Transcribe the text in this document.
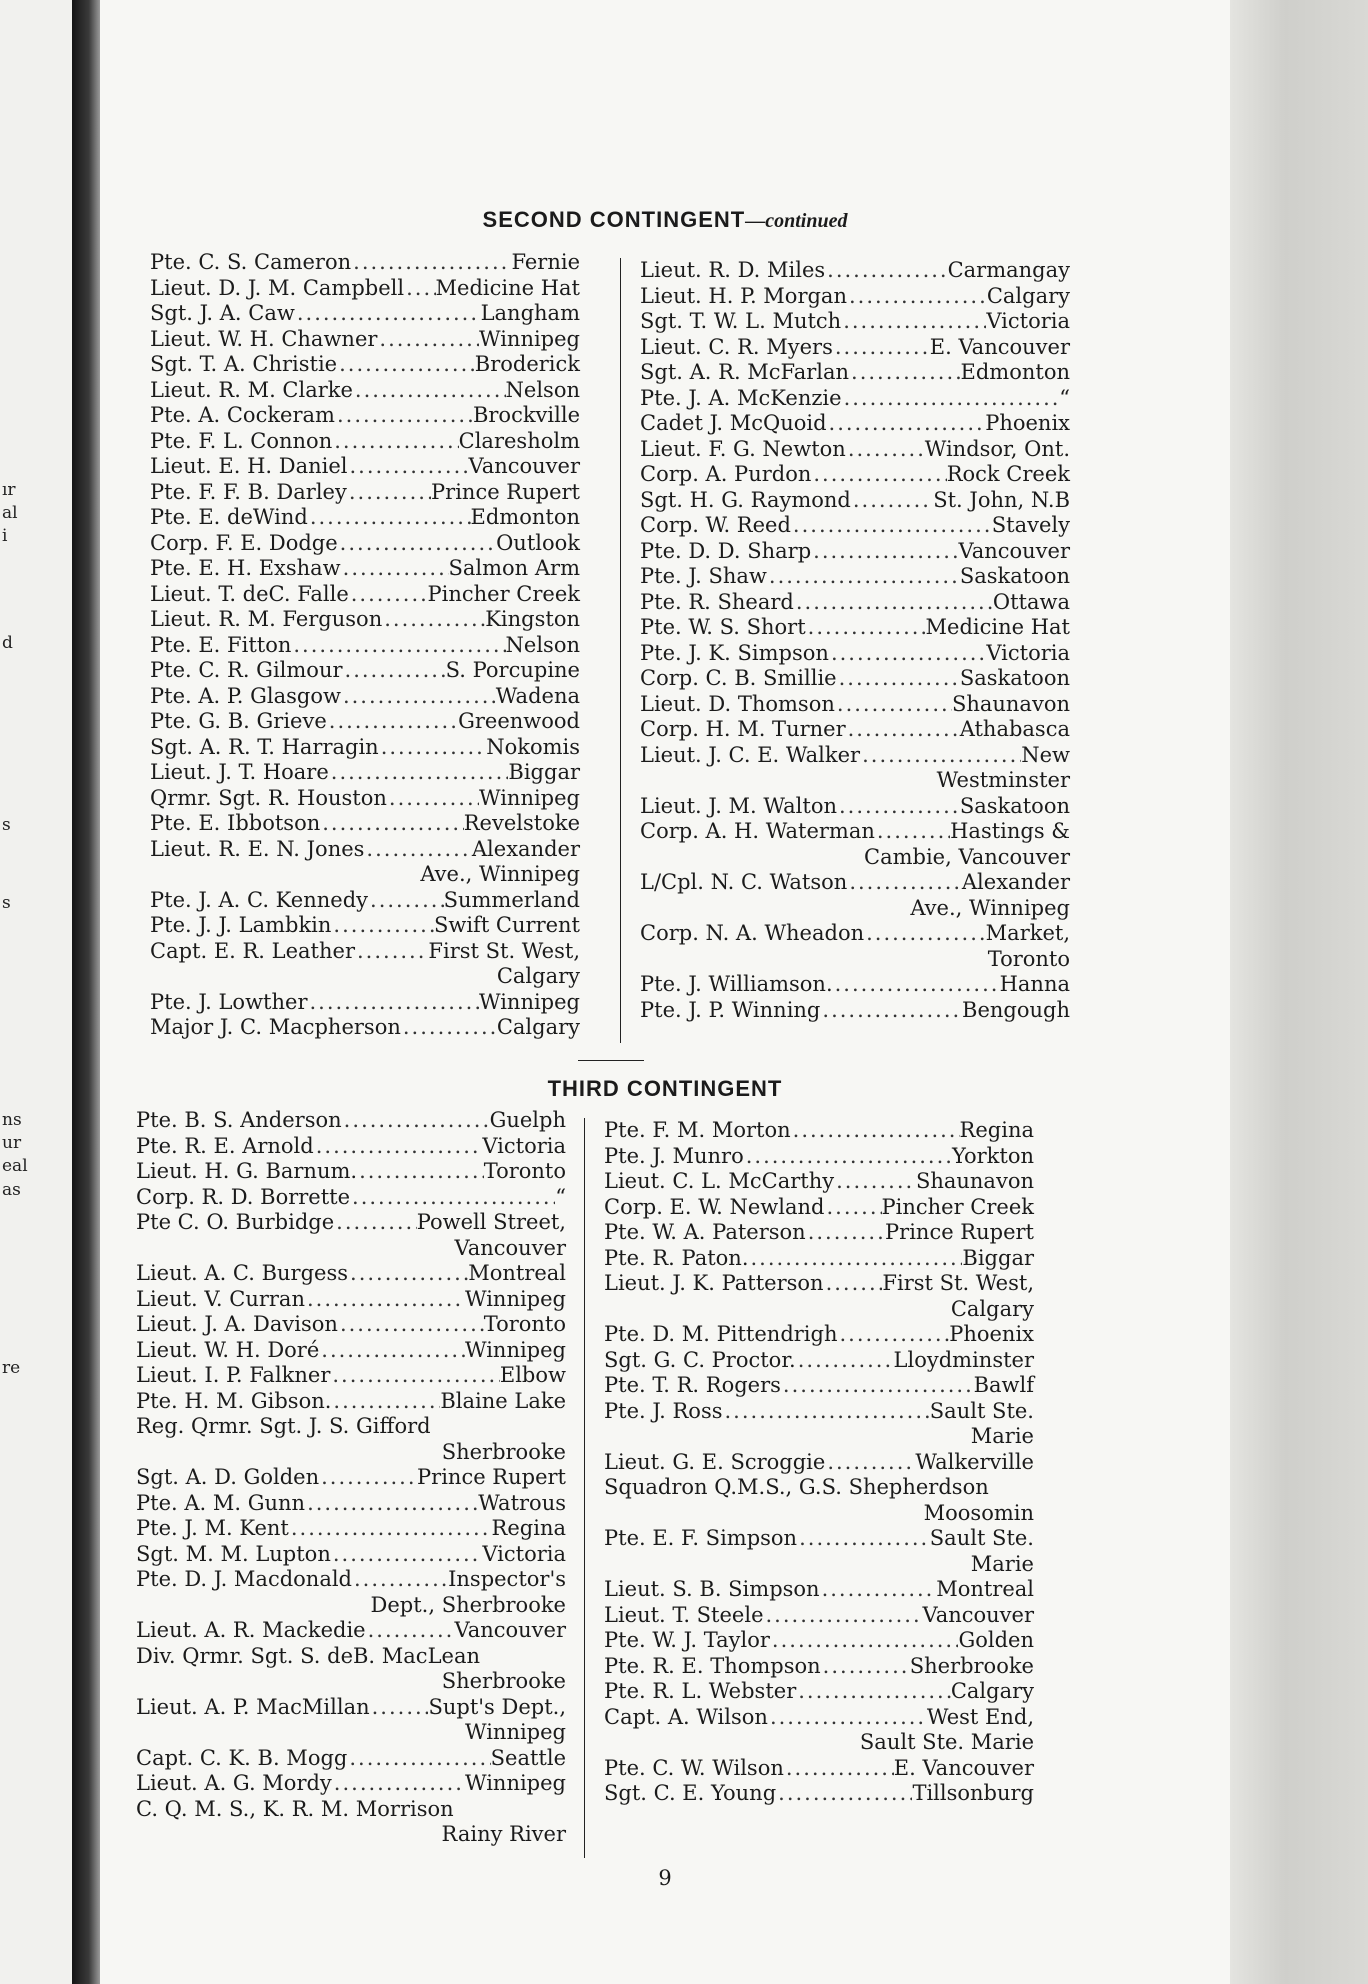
ır
al
i
d
s
s
ns
ur
eal
as
re
SECOND CONTINGENT—continued
Pte. C. S. Cameron .....	Fernie
Lieut. D. J. M. Campbell ..... Medicine Hat
Sgt. J. A. Caw .....	Langham
Lieut. W. H. Chawner .....	Winnipeg
Sgt. T. A. Christie .....	Broderick
Lieut. R. M. Clarke .....	Nelson
Pte. A. Cockeram .....	Brockville
Pte. F. L. Connon .....	Claresholm
Lieut. E. H. Daniel .....	Vancouver
Pte. F. F. B. Darley .....	Prince Rupert
Pte. E. deWind .....	Edmonton
Corp. F. E. Dodge .....	Outlook
Pte. E. H. Exshaw .....	Salmon Arm
Lieut. T. deC. Falle .....	Pincher Creek
Lieut. R. M. Ferguson .....	Kingston
Pte. E. Fitton .....	Nelson
Pte. C. R. Gilmour .....	S. Porcupine
Pte. A. P. Glasgow .....	Wadena
Pte. G. B. Grieve .....	Greenwood
Sgt. A. R. T. Harragin .....	Nokomis
Lieut. J. T. Hoare .....	Biggar
Qrmr. Sgt. R. Houston .....	Winnipeg
Pte. E. Ibbotson .....	Revelstoke
Lieut. R. E. N. Jones .....	Alexander
Ave., Winnipeg
Pte. J. A. C. Kennedy .....	Summerland
Pte. J. J. Lambkin .....	Swift Current
Capt. E. R. Leather .....	First St. West,
Calgary
Pte. J. Lowther .....	Winnipeg
Major J. C. Macpherson .....	Calgary
Lieut. R. D. Miles .....	Carmangay
Lieut. H. P. Morgan .....	Calgary
Sgt. T. W. L. Mutch .....	Victoria
Lieut. C. R. Myers .....	E. Vancouver
Sgt. A. R. McFarlan .....	Edmonton
Pte. J. A. McKenzie .....	“
Cadet J. McQuoid .....	Phoenix
Lieut. F. G. Newton .....	Windsor, Ont.
Corp. A. Purdon .....	Rock Creek
Sgt. H. G. Raymond .....	St. John, N.B
Corp. W. Reed .....	Stavely
Pte. D. D. Sharp .....	Vancouver
Pte. J. Shaw .....	Saskatoon
Pte. R. Sheard .....	Ottawa
Pte. W. S. Short .....	Medicine Hat
Pte. J. K. Simpson .....	Victoria
Corp. C. B. Smillie .....	Saskatoon
Lieut. D. Thomson .....	Shaunavon
Corp. H. M. Turner .....	Athabasca
Lieut. J. C. E. Walker .....	New
Westminster
Lieut. J. M. Walton .....	Saskatoon
Corp. A. H. Waterman .....	Hastings &
Cambie, Vancouver
L/Cpl. N. C. Watson .....	Alexander
Ave., Winnipeg
Corp. N. A. Wheadon .....	Market,
Toronto
Pte. J. Williamson. .....	Hanna
Pte. J. P. Winning .....	Bengough
THIRD CONTINGENT
Pte. B. S. Anderson .....	Guelph
Pte. R. E. Arnold .....	Victoria
Lieut. H. G. Barnum. .....	Toronto
Corp. R. D. Borrette .....	“
Pte C. O. Burbidge .....	Powell Street,
Vancouver
Lieut. A. C. Burgess .....	Montreal
Lieut. V. Curran .....	Winnipeg
Lieut. J. A. Davison .....	Toronto
Lieut. W. H. Doré .....	Winnipeg
Lieut. I. P. Falkner .....	Elbow
Pte. H. M. Gibson. .....	Blaine Lake
Reg. Qrmr. Sgt. J. S. Gifford
Sherbrooke
Sgt. A. D. Golden .....	Prince Rupert
Pte. A. M. Gunn .....	Watrous
Pte. J. M. Kent .....	Regina
Sgt. M. M. Lupton .....	Victoria
Pte. D. J. Macdonald .....	Inspector's
Dept., Sherbrooke
Lieut. A. R. Mackedie .....	Vancouver
Div. Qrmr. Sgt. S. deB. MacLean
Sherbrooke
Lieut. A. P. MacMillan .....	Supt's Dept.,
Winnipeg
Capt. C. K. B. Mogg .....	Seattle
Lieut. A. G. Mordy .....	Winnipeg
C. Q. M. S., K. R. M. Morrison
Rainy River
Pte. F. M. Morton .....	Regina
Pte. J. Munro .....	Yorkton
Lieut. C. L. McCarthy .....	Shaunavon
Corp. E. W. Newland .....	Pincher Creek
Pte. W. A. Paterson .....	Prince Rupert
Pte. R. Paton. .....	Biggar
Lieut. J. K. Patterson .....	First St. West,
Calgary
Pte. D. M. Pittendrigh .....	Phoenix
Sgt. G. C. Proctor. .....	Lloydminster
Pte. T. R. Rogers .....	Bawlf
Pte. J. Ross .....	Sault Ste.
Marie
Lieut. G. E. Scroggie .....	Walkerville
Squadron Q.M.S., G.S. Shepherdson
Moosomin
Pte. E. F. Simpson .....	Sault Ste.
Marie
Lieut. S. B. Simpson .....	Montreal
Lieut. T. Steele .....	Vancouver
Pte. W. J. Taylor .....	Golden
Pte. R. E. Thompson .....	Sherbrooke
Pte. R. L. Webster .....	Calgary
Capt. A. Wilson .....	West End,
Sault Ste. Marie
Pte. C. W. Wilson .....	E. Vancouver
Sgt. C. E. Young .....	Tillsonburg
9
